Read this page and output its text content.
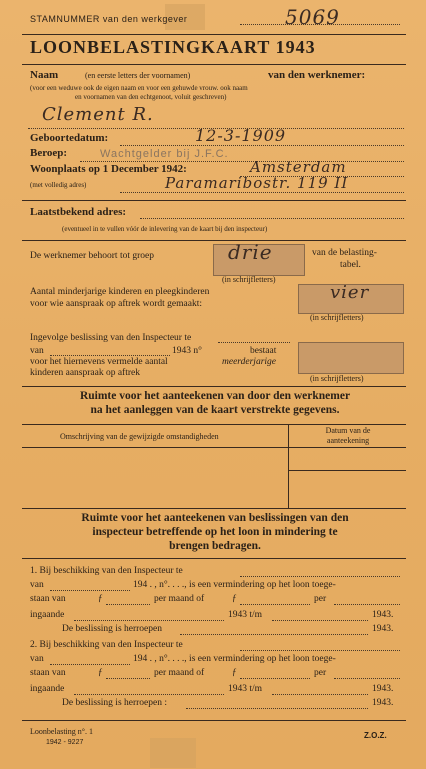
STAMNUMMER van den werkgever	5069
LOONBELASTINGKAART 1943
Naam	(en eerste letters der voornamen)	van den werknemer:
(voor een weduwe ook de eigen naam en voor een gehuwde vrouw. ook naam
en voornamen van den echtgenoot, voluit geschreven)
Clement R.
Geboortedatum:	12-3-1909
Beroep:	Wachtgelder bij J.F.C.
Woonplaats op 1 December 1942:	Amsterdam
(met volledig adres)	Paramaribostr. 119 II
Laatstbekend adres:
(eventueel in te vullen vóór de inlevering van de kaart bij den inspecteur)
De werknemer behoort tot groep	drie
(in schrijfletters)
van de belasting-
tabel.
Aantal minderjarige kinderen en pleegkinderen
voor wie aanspraak op aftrek wordt gemaakt:
vier
(in schrijfletters)
Ingevolge beslissing van den Inspecteur te
van	1943 n°	bestaat
voor het hiernevens vermelde aantal	meerderjarige
kinderen aanspraak op aftrek
(in schrijfletters)
Ruimte voor het aanteekenen van door den werknemer
na het aanleggen van de kaart verstrekte gegevens.
Omschrijving van de gewijzigde omstandigheden
Datum van de
aanteekening
Ruimte voor het aanteekenen van beslissingen van den
inspecteur betreffende op het loon in mindering te
brengen bedragen.
1. Bij beschikking van den Inspecteur te
van	194 . , n°. . . ., is een vermindering op het loon toege-
staan van	ƒ	per maand of	ƒ	per
ingaande	1943 t/m	1943.
De beslissing is herroepen	1943.
2. Bij beschikking van den Inspecteur te
van	194 . , n°. . . ., is een vermindering op het loon toege-
staan van	ƒ	per maand of	ƒ	per
ingaande	1943 t/m	1943.
De beslissing is herroepen :	1943.
Loonbelasting n°. 1
1942 - 9227
Z.O.Z.
